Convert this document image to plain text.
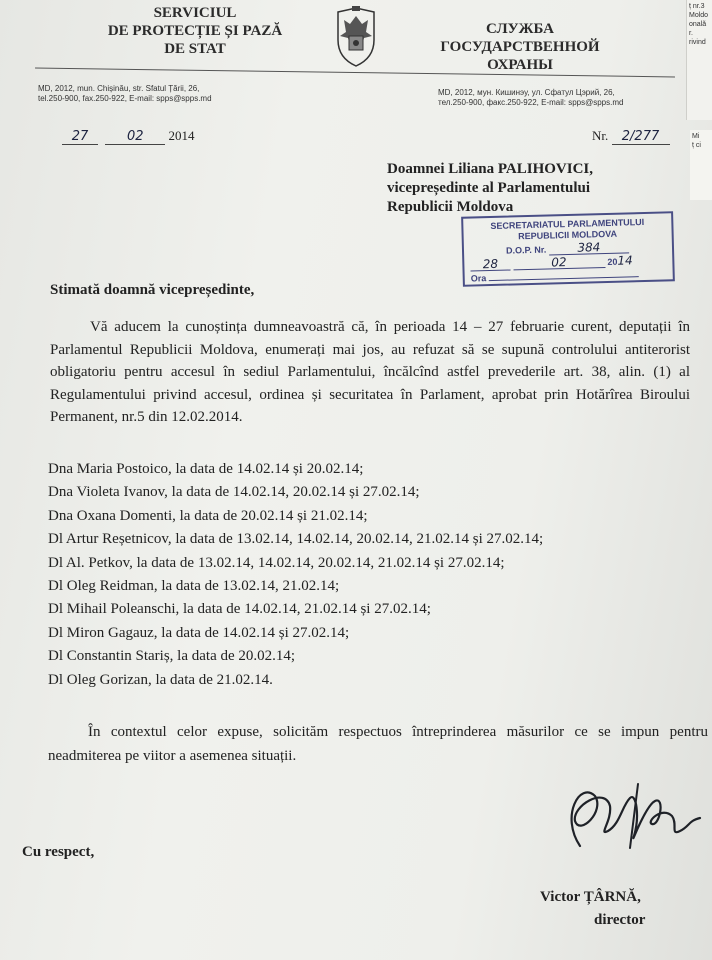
ț nr.3
Moldo
onală
r.
rivind
Mi
ț ci
SERVICIUL
DE PROTECȚIE ȘI PAZĂ
DE STAT
СЛУЖБА
ГОСУДАРСТВЕННОЙ
ОХРАНЫ
MD, 2012, mun. Chișinău, str. Sfatul Țării, 26,
tel.250-900, fax.250-922, E-mail: spps@spps.md
MD, 2012, мун. Кишинэу, ул. Сфатул Цэрий, 26,
тел.250-900, факс.250-922, E-mail: spps@spps.md
27	02 2014	Nr. 2/277
Doamnei Liliana PALIHOVICI,
vicepreședinte al Parlamentului
Republicii Moldova
SECRETARIATUL PARLAMENTULUI
REPUBLICII MOLDOVA
D.O.P. Nr.	384
28	02	2014
Ora
Stimată doamnă vicepreședinte,
Vă aducem la cunoștința dumneavoastră că, în perioada 14 – 27 februarie curent, deputații în Parlamentul Republicii Moldova, enumerați mai jos, au refuzat să se supună controlului antiterorist obligatoriu pentru accesul în sediul Parlamentului, încălcînd astfel prevederile art. 38, alin. (1) al Regulamentului privind accesul, ordinea și securitatea în Parlament, aprobat prin Hotărîrea Biroului Permanent, nr.5 din 12.02.2014.
Dna Maria Postoico, la data de 14.02.14 și 20.02.14;
Dna Violeta Ivanov, la data de 14.02.14, 20.02.14 și 27.02.14;
Dna Oxana Domenti, la data de 20.02.14 și 21.02.14;
Dl Artur Reșetnicov, la data de 13.02.14, 14.02.14, 20.02.14, 21.02.14 și 27.02.14;
Dl Al. Petkov, la data de 13.02.14, 14.02.14, 20.02.14, 21.02.14 și 27.02.14;
Dl Oleg Reidman, la data de 13.02.14, 21.02.14;
Dl Mihail Poleanschi, la data de 14.02.14, 21.02.14 și 27.02.14;
Dl Miron Gagauz, la data de 14.02.14 și 27.02.14;
Dl Constantin Stariș, la data de 20.02.14;
Dl Oleg Gorizan, la data de 21.02.14.
În contextul celor expuse, solicităm respectuos întreprinderea măsurilor ce se impun pentru neadmiterea pe viitor a asemenea situații.
Cu respect,
Victor ȚÂRNĂ,
director
